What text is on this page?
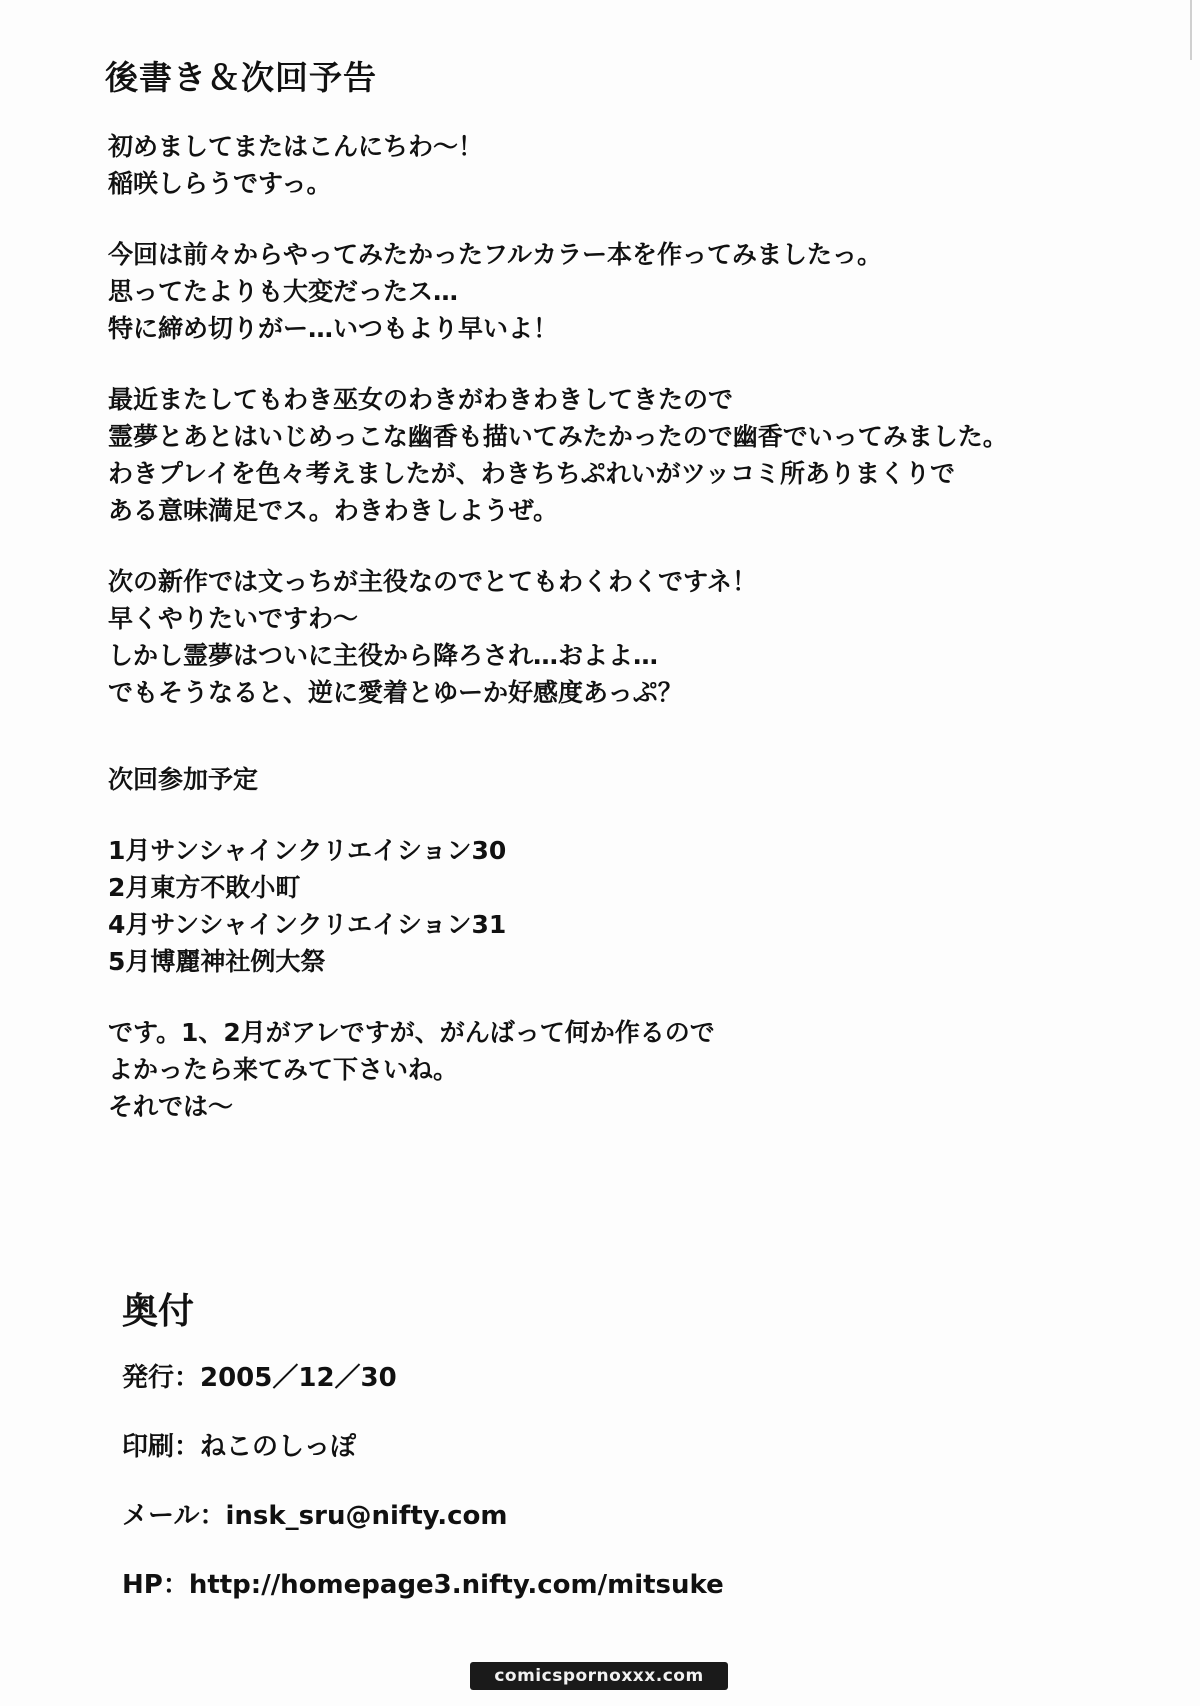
後書き＆次回予告

初めましてまたはこんにちわ～！
稲咲しらうですっ。

今回は前々からやってみたかったフルカラー本を作ってみましたっ。
思ってたよりも大変だったス…
特に締め切りがー…いつもより早いよ！

最近またしてもわき巫女のわきがわきわきしてきたので
霊夢とあとはいじめっこな幽香も描いてみたかったので幽香でいってみました。
わきプレイを色々考えましたが、わきちちぷれいがツッコミ所ありまくりで
ある意味満足でス。わきわきしようぜ。

次の新作では文っちが主役なのでとてもわくわくですネ！
早くやりたいですわ～
しかし霊夢はついに主役から降ろされ…およよ…
でもそうなると、逆に愛着とゆーか好感度あっぷ？

次回参加予定

1月サンシャインクリエイション30
2月東方不敗小町
4月サンシャインクリエイション31
5月博麗神社例大祭

です。1、2月がアレですが、がんばって何か作るので
よかったら来てみて下さいね。
それでは～

奥付
発行：2005／12／30
印刷：ねこのしっぽ
メール：insk_sru@nifty.com
HP：http://homepage3.nifty.com/mitsuke
comicspornoxxx.com
